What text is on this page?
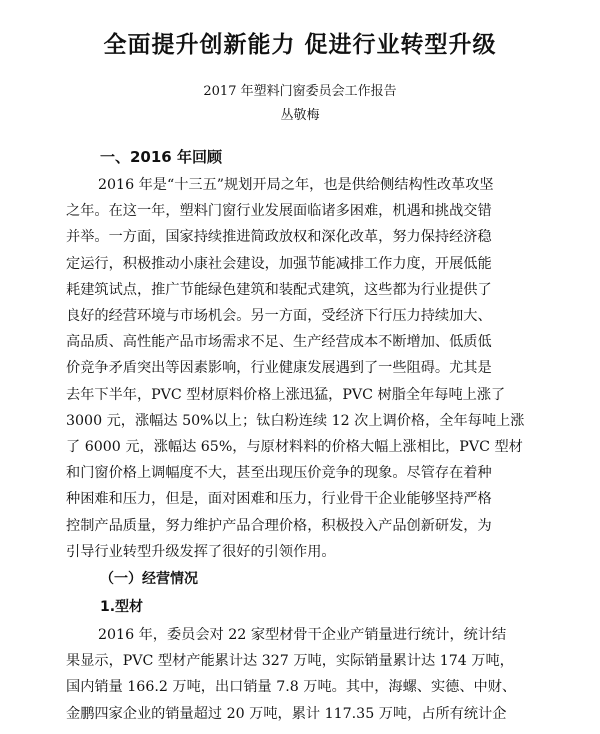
全面提升创新能力 促进行业转型升级
2017 年塑料门窗委员会工作报告
丛敬梅
一、2016 年回顾
2016 年是“十三五”规划开局之年，也是供给侧结构性改革攻坚
之年。在这一年，塑料门窗行业发展面临诸多困难，机遇和挑战交错
并举。一方面，国家持续推进简政放权和深化改革，努力保持经济稳
定运行，积极推动小康社会建设，加强节能减排工作力度，开展低能
耗建筑试点，推广节能绿色建筑和装配式建筑，这些都为行业提供了
良好的经营环境与市场机会。另一方面，受经济下行压力持续加大、
高品质、高性能产品市场需求不足、生产经营成本不断增加、低质低
价竞争矛盾突出等因素影响，行业健康发展遇到了一些阻碍。尤其是
去年下半年，PVC 型材原料价格上涨迅猛，PVC 树脂全年每吨上涨了
3000 元，涨幅达 50%以上；钛白粉连续 12 次上调价格，全年每吨上涨
了 6000 元，涨幅达 65%，与原材料料的价格大幅上涨相比，PVC 型材
和门窗价格上调幅度不大，甚至出现压价竞争的现象。尽管存在着种
种困难和压力，但是，面对困难和压力，行业骨干企业能够坚持严格
控制产品质量，努力维护产品合理价格，积极投入产品创新研发，为
引导行业转型升级发挥了很好的引领作用。
（一）经营情况
1.型材
2016 年，委员会对 22 家型材骨干企业产销量进行统计，统计结
果显示，PVC 型材产能累计达 327 万吨，实际销量累计达 174 万吨，
国内销量 166.2 万吨，出口销量 7.8 万吨。其中，海螺、实德、中财、
金鹏四家企业的销量超过 20 万吨，累计 117.35 万吨，占所有统计企
